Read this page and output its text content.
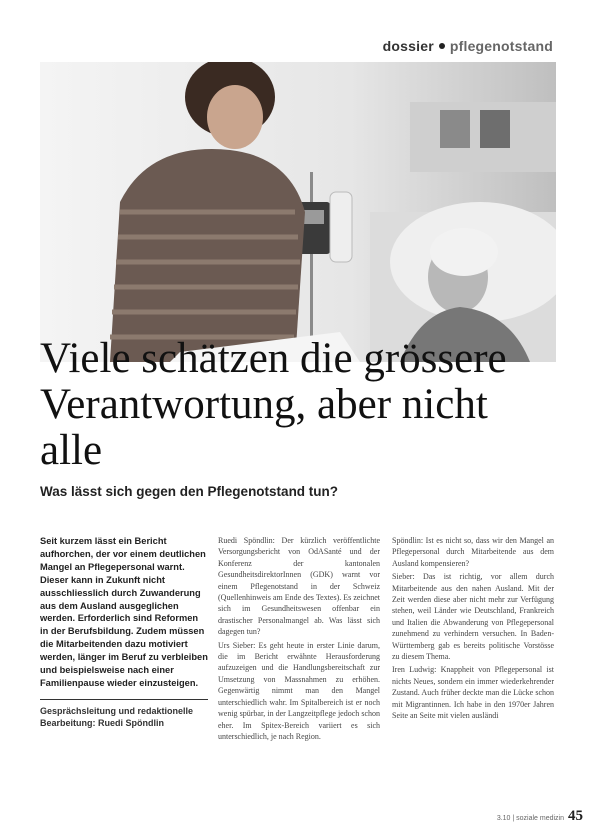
dossier pflegenotstand
Viele schätzen die grössere Verantwortung, aber nicht alle

Was lässt sich gegen den Pflegenotstand tun?

Seit kurzem lässt ein Bericht aufhorchen, der vor einem deutlichen Mangel an Pflegepersonal warnt. Dieser kann in Zukunft nicht ausschliesslich durch Zuwanderung aus dem Ausland ausgeglichen werden. Erforderlich sind Reformen in der Berufsbildung. Zudem müssen die Mitarbeitenden dazu motiviert werden, länger im Beruf zu verbleiben und beispielsweise nach einer Familienpause wieder einzusteigen.

Gesprächsleitung und redaktionelle Bearbeitung: Ruedi Spöndlin

Ruedi Spöndlin: Der kürzlich veröffentlichte Versorgungsbericht von OdASanté und der Konferenz der kantonalen GesundheitsdirektorInnen (GDK) warnt vor einem Pflegenotstand in der Schweiz (Quellenhinweis am Ende des Textes). Es zeichnet sich im Gesundheitswesen offenbar ein drastischer Personalmangel ab. Was lässt sich dagegen tun?

Urs Sieber: Es geht heute in erster Linie darum, die im Bericht erwähnte Herausforderung aufzuzeigen und die Handlungsbereitschaft zur Umsetzung von Massnahmen zu erhöhen. Gegenwärtig nimmt man den Mangel unterschiedlich wahr. Im Spitalbereich ist er noch wenig spürbar, in der Langzeitpflege jedoch schon eher. Im Spitex-Bereich variiert es sich unterschiedlich, je nach Region.

Spöndlin: Ist es nicht so, dass wir den Mangel an Pflegepersonal durch Mitarbeitende aus dem Ausland kompensieren?

Sieber: Das ist richtig, vor allem durch Mitarbeitende aus den nahen Ausland. Mit der Zeit werden diese aber nicht mehr zur Verfügung stehen, weil Länder wie Deutschland, Frankreich und Italien die Abwanderung von Pflegepersonal zunehmend zu verhindern versuchen. In Baden-Württemberg gab es bereits politische Vorstösse zu diesem Thema.

Iren Ludwig: Knappheit von Pflegepersonal ist nichts Neues, sondern ein immer wiederkehrender Zustand. Auch früher deckte man die Lücke schon mit Migrantinnen. Ich habe in den 1970er Jahren Seite an Seite mit vielen ausländi

3.10 | soziale medizin 45
